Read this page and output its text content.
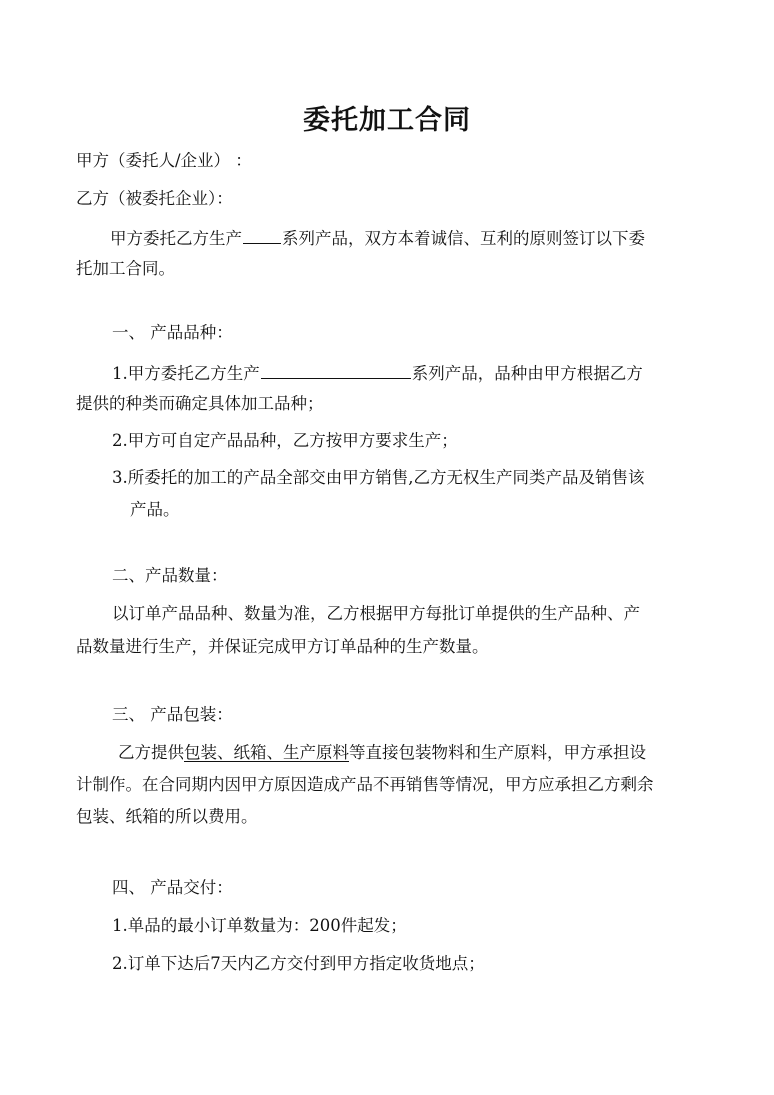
委托加工合同
甲方（委托人/企业） ：
乙方（被委托企业）：
甲方委托乙方生产 系列产品，双方本着诚信、互利的原则签订以下委
托加工合同。
一、 产品品种：
1.甲方委托乙方生产	系列产品，品种由甲方根据乙方
提供的种类而确定具体加工品种；
2.甲方可自定产品品种，乙方按甲方要求生产；
3.所委托的加工的产品全部交由甲方销售,乙方无权生产同类产品及销售该
产品。
二、产品数量：
以订单产品品种、数量为准，乙方根据甲方每批订单提供的生产品种、产
品数量进行生产，并保证完成甲方订单品种的生产数量。
三、 产品包装：
乙方提供包装、纸箱、生产原料等直接包装物料和生产原料，甲方承担设
计制作。在合同期内因甲方原因造成产品不再销售等情况，甲方应承担乙方剩余
包装、纸箱的所以费用。
四、 产品交付：
1.单品的最小订单数量为：200件起发；
2.订单下达后7天内乙方交付到甲方指定收货地点；
